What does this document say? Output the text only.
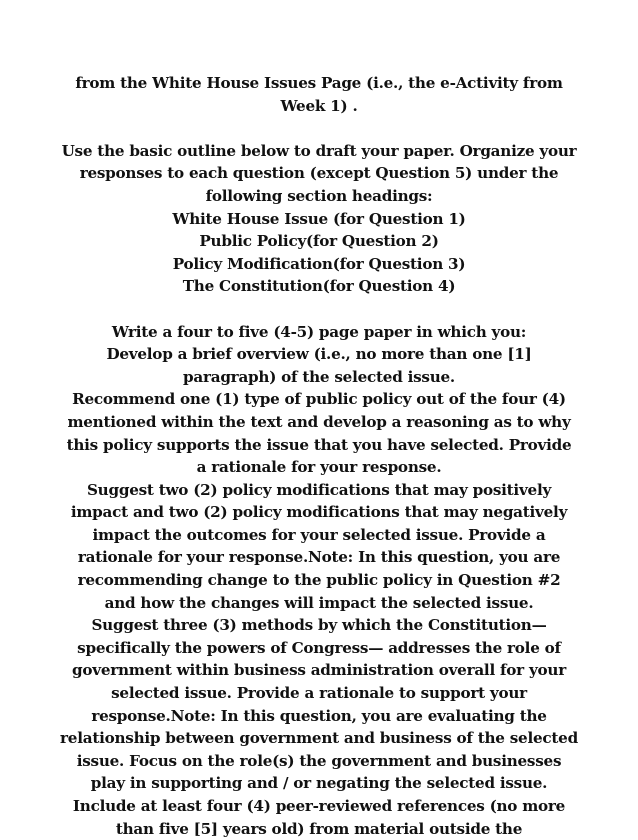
from the White House Issues Page (i.e., the e-Activity from Week 1) .

Use the basic outline below to draft your paper. Organize your responses to each question (except Question 5) under the following section headings:

White House Issue (for Question 1)

Public Policy(for Question 2)

Policy Modification(for Question 3)

The Constitution(for Question 4)

Write a four to five (4-5) page paper in which you:

Develop a brief overview (i.e., no more than one [1] paragraph) of the selected issue.

Recommend one (1) type of public policy out of the four (4) mentioned within the text and develop a reasoning as to why this policy supports the issue that you have selected. Provide a rationale for your response.

Suggest two (2) policy modifications that may positively impact and two (2) policy modifications that may negatively impact the outcomes for your selected issue. Provide a rationale for your response.Note: In this question, you are recommending change to the public policy in Question #2 and how the changes will impact the selected issue.

Suggest three (3) methods by which the Constitution— specifically the powers of Congress— addresses the role of government within business administration overall for your selected issue. Provide a rationale to support your response.Note: In this question, you are evaluating the relationship between government and business of the selected issue. Focus on the role(s) the government and businesses play in supporting and / or negating the selected issue.

Include at least four (4) peer-reviewed references (no more than five [5] years old) from material outside the
